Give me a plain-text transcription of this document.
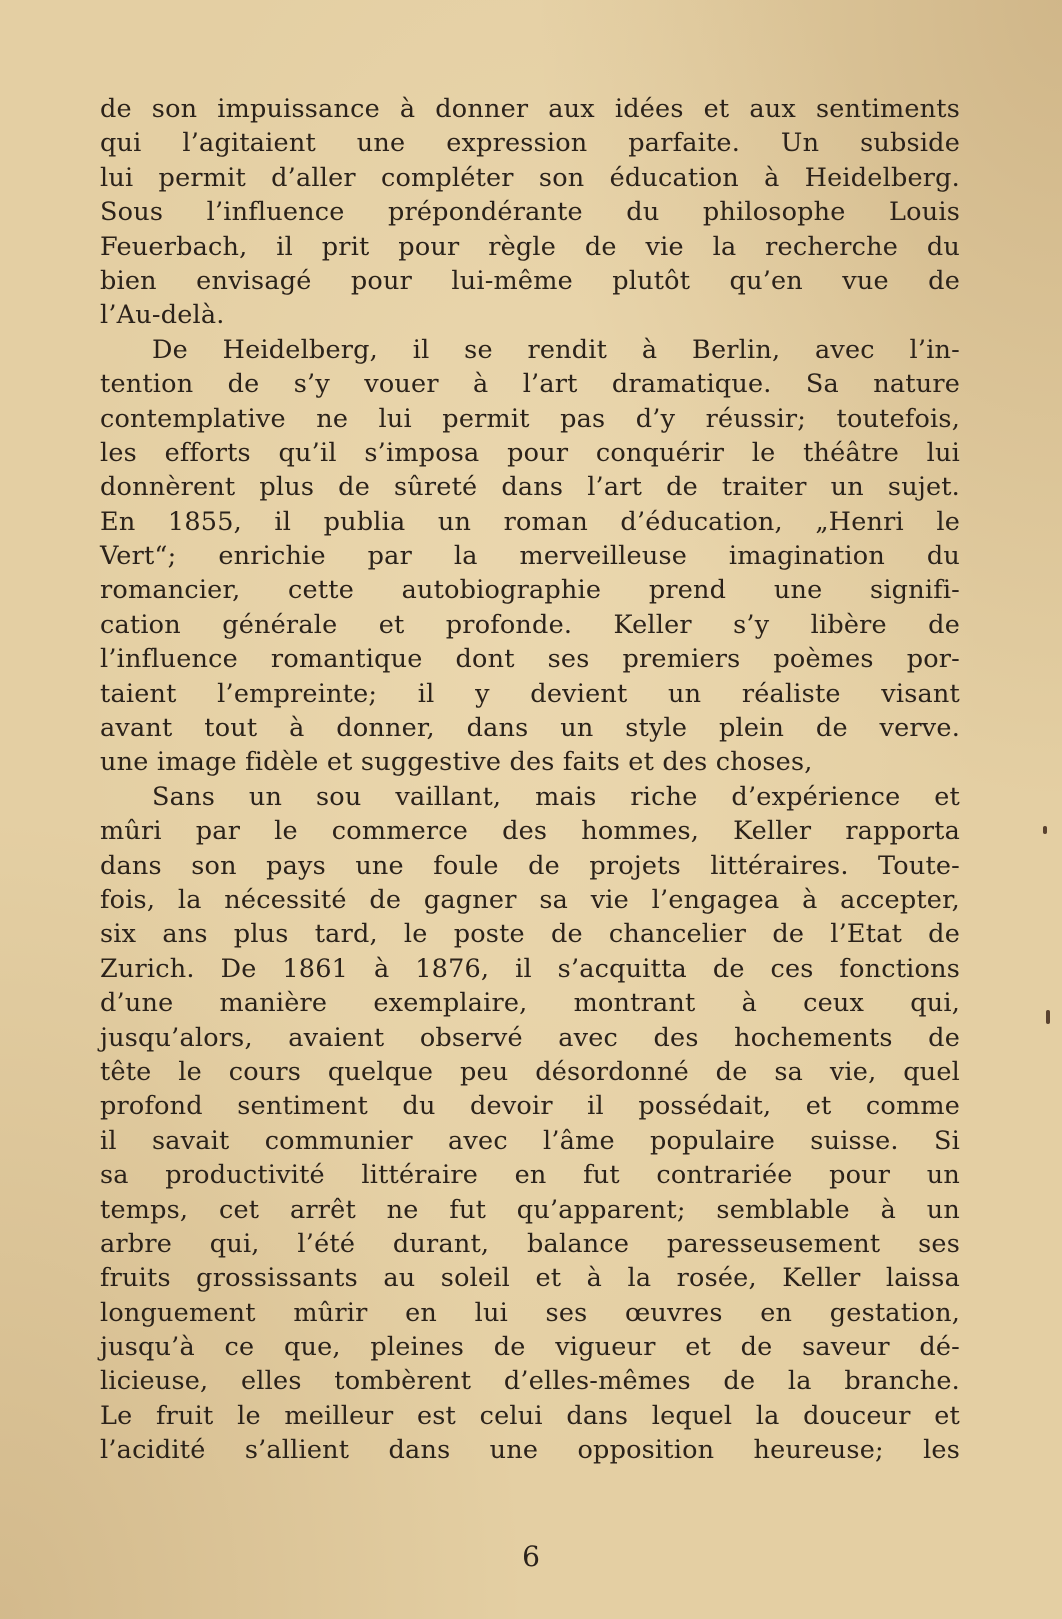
de son impuissance à donner aux idées et aux sentiments
qui l’agitaient une expression parfaite. Un subside
lui permit d’aller compléter son éducation à Heidelberg.
Sous l’influence prépondérante du philosophe Louis
Feuerbach, il prit pour règle de vie la recherche du
bien envisagé pour lui-même plutôt qu’en vue de
l’Au-delà.
De Heidelberg, il se rendit à Berlin, avec l’in-
tention de s’y vouer à l’art dramatique. Sa nature
contemplative ne lui permit pas d’y réussir; toutefois,
les efforts qu’il s’imposa pour conquérir le théâtre lui
donnèrent plus de sûreté dans l’art de traiter un sujet.
En 1855, il publia un roman d’éducation, „Henri le
Vert“; enrichie par la merveilleuse imagination du
romancier, cette autobiographie prend une signifi-
cation générale et profonde. Keller s’y libère de
l’influence romantique dont ses premiers poèmes por-
taient l’empreinte; il y devient un réaliste visant
avant tout à donner, dans un style plein de verve.
une image fidèle et suggestive des faits et des choses,
Sans un sou vaillant, mais riche d’expérience et
mûri par le commerce des hommes, Keller rapporta
dans son pays une foule de projets littéraires. Toute-
fois, la nécessité de gagner sa vie l’engagea à accepter,
six ans plus tard, le poste de chancelier de l’Etat de
Zurich. De 1861 à 1876, il s’acquitta de ces fonctions
d’une manière exemplaire, montrant à ceux qui,
jusqu’alors, avaient observé avec des hochements de
tête le cours quelque peu désordonné de sa vie, quel
profond sentiment du devoir il possédait, et comme
il savait communier avec l’âme populaire suisse. Si
sa productivité littéraire en fut contrariée pour un
temps, cet arrêt ne fut qu’apparent; semblable à un
arbre qui, l’été durant, balance paresseusement ses
fruits grossissants au soleil et à la rosée, Keller laissa
longuement mûrir en lui ses œuvres en gestation,
jusqu’à ce que, pleines de vigueur et de saveur dé-
licieuse, elles tombèrent d’elles-mêmes de la branche.
Le fruit le meilleur est celui dans lequel la douceur et
l’acidité s’allient dans une opposition heureuse; les
6
